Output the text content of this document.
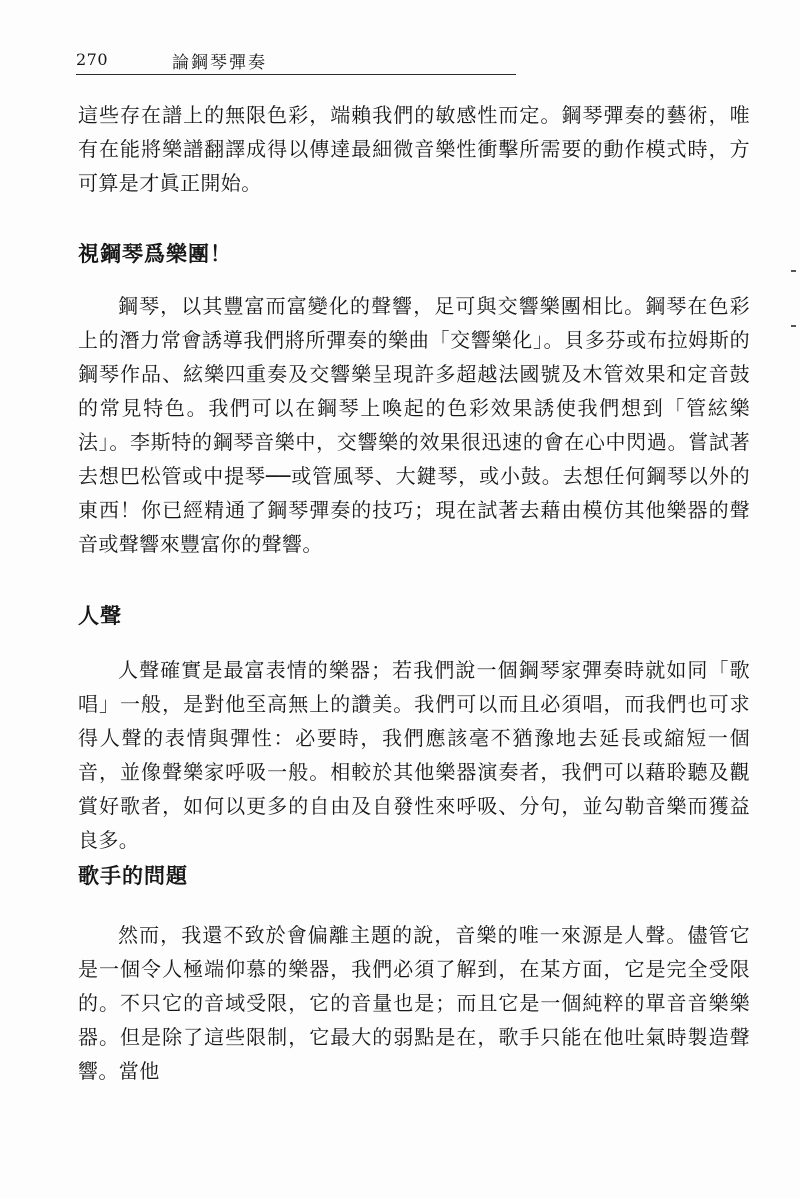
270	論鋼琴彈奏

這些存在譜上的無限色彩，端賴我們的敏感性而定。鋼琴彈奏的藝術，唯有在能將樂譜翻譯成得以傳達最細微音樂性衝擊所需要的動作模式時，方可算是才眞正開始。

視鋼琴爲樂團！

鋼琴，以其豐富而富變化的聲響，足可與交響樂團相比。鋼琴在色彩上的潛力常會誘導我們將所彈奏的樂曲「交響樂化」。貝多芬或布拉姆斯的鋼琴作品、絃樂四重奏及交響樂呈現許多超越法國號及木管效果和定音鼓的常見特色。我們可以在鋼琴上喚起的色彩效果誘使我們想到「管絃樂法」。李斯特的鋼琴音樂中，交響樂的效果很迅速的會在心中閃過。嘗試著去想巴松管或中提琴──或管風琴、大鍵琴，或小鼓。去想任何鋼琴以外的東西！你已經精通了鋼琴彈奏的技巧；現在試著去藉由模仿其他樂器的聲音或聲響來豐富你的聲響。

人聲

人聲確實是最富表情的樂器；若我們說一個鋼琴家彈奏時就如同「歌唱」一般，是對他至高無上的讚美。我們可以而且必須唱，而我們也可求得人聲的表情與彈性：必要時，我們應該毫不猶豫地去延長或縮短一個音，並像聲樂家呼吸一般。相較於其他樂器演奏者，我們可以藉聆聽及觀賞好歌者，如何以更多的自由及自發性來呼吸、分句，並勾勒音樂而獲益良多。

歌手的問題

然而，我還不致於會偏離主題的說，音樂的唯一來源是人聲。儘管它是一個令人極端仰慕的樂器，我們必須了解到，在某方面，它是完全受限的。不只它的音域受限，它的音量也是；而且它是一個純粹的單音音樂樂器。但是除了這些限制，它最大的弱點是在，歌手只能在他吐氣時製造聲響。當他
